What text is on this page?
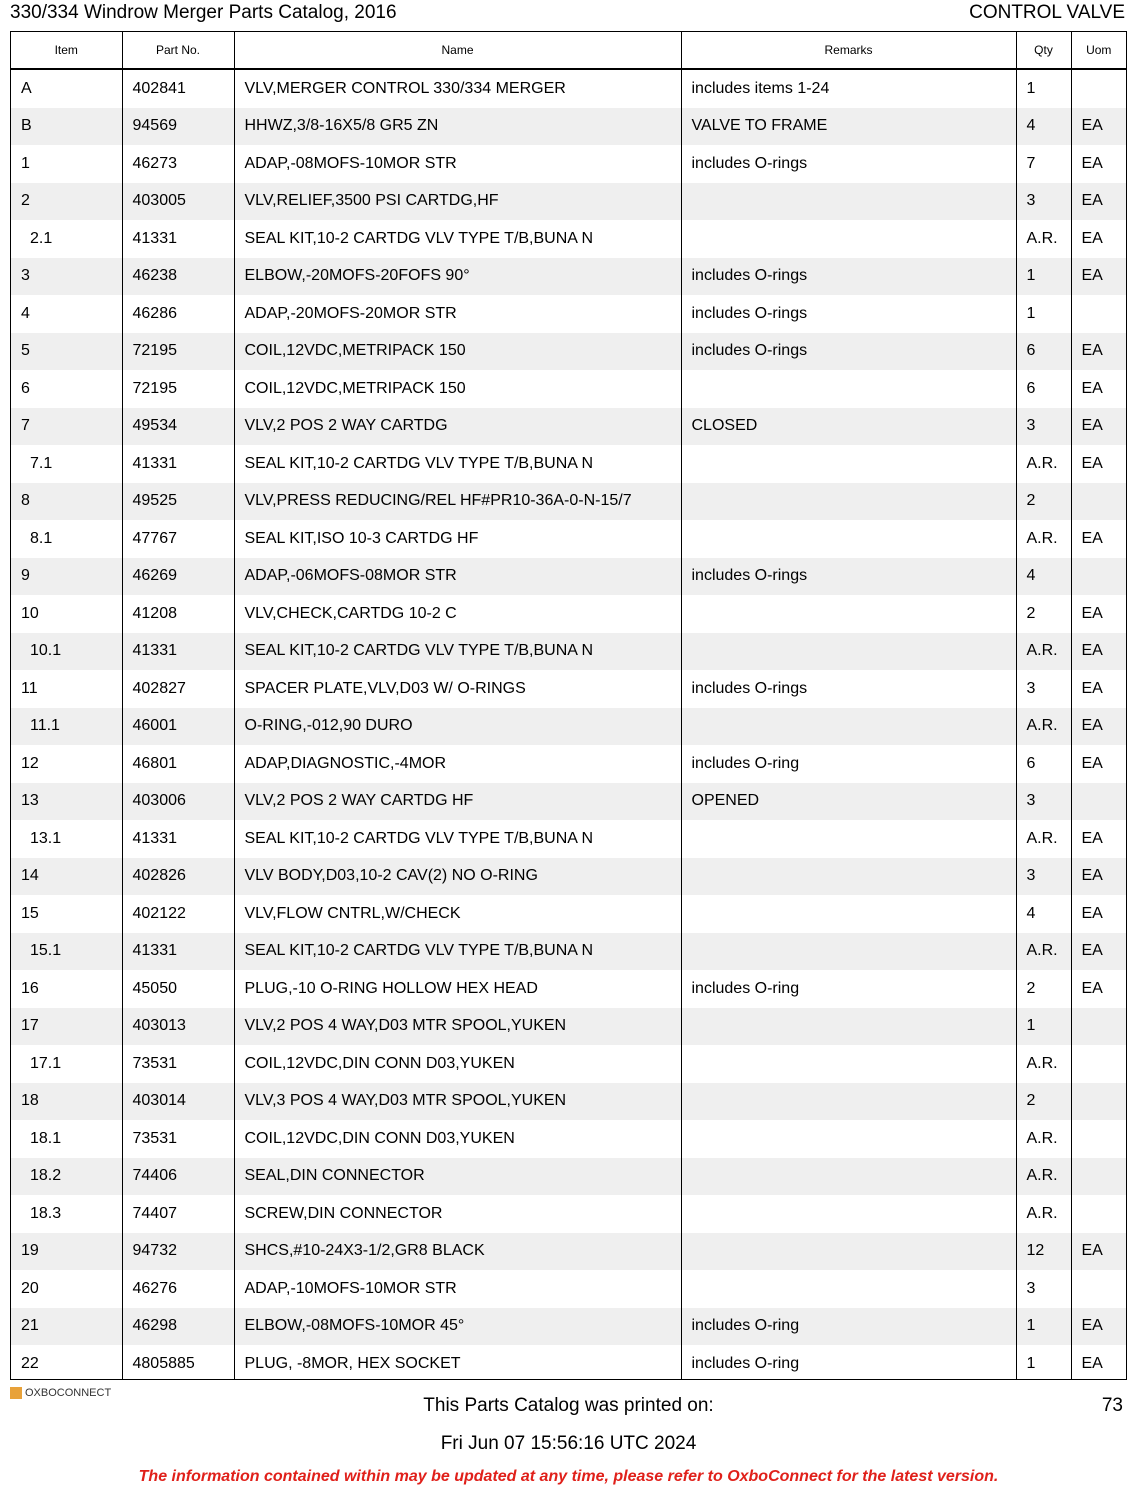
330/334 Windrow Merger Parts Catalog, 2016	CONTROL VALVE
Item	Part No.	Name	Remarks	Qty	Uom
A	402841	VLV,MERGER CONTROL 330/334 MERGER	includes items 1-24	1	
B	94569	HHWZ,3/8-16X5/8 GR5 ZN	VALVE TO FRAME	4	EA
1	46273	ADAP,-08MOFS-10MOR STR	includes O-rings	7	EA
2	403005	VLV,RELIEF,3500 PSI CARTDG,HF		3	EA
2.1	41331	SEAL KIT,10-2 CARTDG VLV TYPE T/B,BUNA N		A.R.	EA
3	46238	ELBOW,-20MOFS-20FOFS 90°	includes O-rings	1	EA
4	46286	ADAP,-20MOFS-20MOR STR	includes O-rings	1	
5	72195	COIL,12VDC,METRIPACK 150	includes O-rings	6	EA
6	72195	COIL,12VDC,METRIPACK 150		6	EA
7	49534	VLV,2 POS 2 WAY CARTDG	CLOSED	3	EA
7.1	41331	SEAL KIT,10-2 CARTDG VLV TYPE T/B,BUNA N		A.R.	EA
8	49525	VLV,PRESS REDUCING/REL HF#PR10-36A-0-N-15/7		2	
8.1	47767	SEAL KIT,ISO 10-3 CARTDG HF		A.R.	EA
9	46269	ADAP,-06MOFS-08MOR STR	includes O-rings	4	
10	41208	VLV,CHECK,CARTDG 10-2 C		2	EA
10.1	41331	SEAL KIT,10-2 CARTDG VLV TYPE T/B,BUNA N		A.R.	EA
11	402827	SPACER PLATE,VLV,D03 W/ O-RINGS	includes O-rings	3	EA
11.1	46001	O-RING,-012,90 DURO		A.R.	EA
12	46801	ADAP,DIAGNOSTIC,-4MOR	includes O-ring	6	EA
13	403006	VLV,2 POS 2 WAY CARTDG HF	OPENED	3	
13.1	41331	SEAL KIT,10-2 CARTDG VLV TYPE T/B,BUNA N		A.R.	EA
14	402826	VLV BODY,D03,10-2 CAV(2) NO O-RING		3	EA
15	402122	VLV,FLOW CNTRL,W/CHECK		4	EA
15.1	41331	SEAL KIT,10-2 CARTDG VLV TYPE T/B,BUNA N		A.R.	EA
16	45050	PLUG,-10 O-RING HOLLOW HEX HEAD	includes O-ring	2	EA
17	403013	VLV,2 POS 4 WAY,D03 MTR SPOOL,YUKEN		1	
17.1	73531	COIL,12VDC,DIN CONN D03,YUKEN		A.R.	
18	403014	VLV,3 POS 4 WAY,D03 MTR SPOOL,YUKEN		2	
18.1	73531	COIL,12VDC,DIN CONN D03,YUKEN		A.R.	
18.2	74406	SEAL,DIN CONNECTOR		A.R.	
18.3	74407	SCREW,DIN CONNECTOR		A.R.	
19	94732	SHCS,#10-24X3-1/2,GR8 BLACK		12	EA
20	46276	ADAP,-10MOFS-10MOR STR		3	
21	46298	ELBOW,-08MOFS-10MOR 45°	includes O-ring	1	EA
22	4805885	PLUG, -8MOR, HEX SOCKET	includes O-ring	1	EA
OXBOCONNECT
This Parts Catalog was printed on:	73
Fri Jun 07 15:56:16 UTC 2024
The information contained within may be updated at any time, please refer to OxboConnect for the latest version.
